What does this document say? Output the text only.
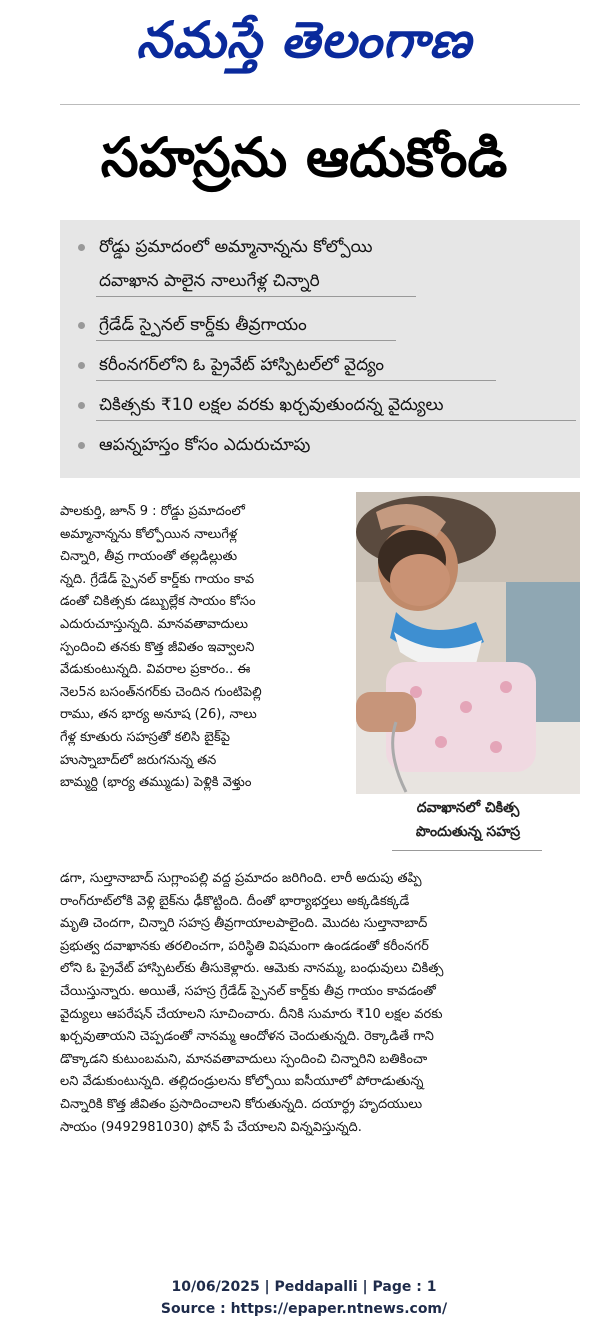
నమస్తే తెలంగాణ
సహస్రను ఆదుకోండి
రోడ్డు ప్రమాదంలో అమ్మానాన్నను కోల్పోయి
దవాఖాన పాలైన నాలుగేళ్ల చిన్నారి
గ్రేడేడ్ స్పైనల్ కార్డ్‌కు తీవ్రగాయం
కరీంనగర్‌లోని ఓ ప్రైవేట్ హాస్పిటల్‌లో వైద్యం
చికిత్సకు ₹10 లక్షల వరకు ఖర్చవుతుందన్న వైద్యులు
ఆపన్నహస్తం కోసం ఎదురుచూపు
దవాఖానలో చికిత్స
పొందుతున్న సహస్ర
పాలకుర్తి, జూన్ 9 : రోడ్డు ప్రమాదంలో
అమ్మానాన్నను కోల్పోయిన నాలుగేళ్ల
చిన్నారి, తీవ్ర గాయంతో తల్లడిల్లుతు
న్నది. గ్రేడేడ్ స్పైనల్ కార్డ్‌కు గాయం కావ
డంతో చికిత్సకు డబ్బుల్లేక సాయం కోసం
ఎదురుచూస్తున్నది. మానవతావాదులు
స్పందించి తనకు కొత్త జీవితం ఇవ్వాలని
వేడుకుంటున్నది. వివరాల ప్రకారం.. ఈ
నెల5న బసంత్‌నగర్‌కు చెందిన గుంటిపెల్లి
రాము, తన భార్య అనూష (26), నాలు
గేళ్ల కూతురు సహస్రతో కలిసి బైక్‌పై
హుస్నాబాద్‌లో జరుగనున్న తన
బామ్మర్ది (భార్య తమ్ముడు) పెళ్లికి వెళ్తుం
డగా, సుల్తానాబాద్ సుగ్లాంపల్లి వద్ద ప్రమాదం జరిగింది. లారీ అదుపు తప్పి
రాంగ్‌రూట్‌లోకి వెళ్లి బైక్‌ను ఢీకొట్టింది. దీంతో భార్యాభర్తలు అక్కడికక్కడే
మృతి చెందగా, చిన్నారి సహస్ర తీవ్రగాయాలపాలైంది. మొదట సుల్తానాబాద్
ప్రభుత్వ దవాఖానకు తరలించగా, పరిస్థితి విషమంగా ఉండడంతో కరీంనగర్
లోని ఓ ప్రైవేట్ హాస్పిటల్‌కు తీసుకెళ్లారు. ఆమెకు నానమ్మ, బంధువులు చికిత్స
చేయిస్తున్నారు. అయితే, సహస్ర గ్రేడేడ్ స్పైనల్ కార్డ్‌కు తీవ్ర గాయం కావడంతో
వైద్యులు ఆపరేషన్ చేయాలని సూచించారు. దీనికి సుమారు ₹10 లక్షల వరకు
ఖర్చవుతాయని చెప్పడంతో నానమ్మ ఆందోళన చెందుతున్నది. రెక్కాడితే గాని
డొక్కాడని కుటుంబమని, మానవతావాదులు స్పందించి చిన్నారిని బతికించా
లని వేడుకుంటున్నది. తల్లిదండ్రులను కోల్పోయి ఐసీయూలో పోరాడుతున్న
చిన్నారికి కొత్త జీవితం ప్రసాదించాలని కోరుతున్నది. దయార్ధ్ర హృదయులు
సాయం (9492981030) ఫోన్ పే చేయాలని విన్నవిస్తున్నది.
10/06/2025 | Peddapalli | Page : 1
Source : https://epaper.ntnews.com/
